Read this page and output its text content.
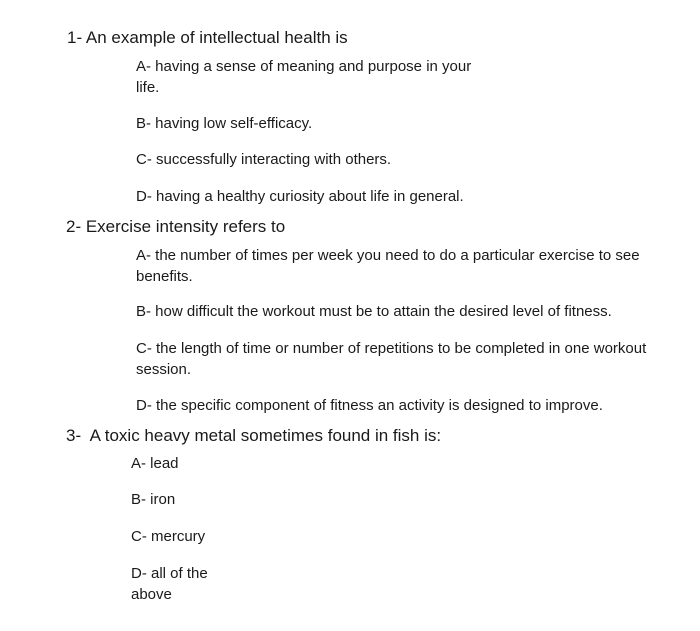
1- An example of intellectual health is
A- having a sense of meaning and purpose in your life.
B- having low self-efficacy.
C- successfully interacting with others.
D- having a healthy curiosity about life in general.
2- Exercise intensity refers to
A- the number of times per week you need to do a particular exercise to see benefits.
B- how difficult the workout must be to attain the desired level of fitness.
C- the length of time or number of repetitions to be completed in one workout session.
D- the specific component of fitness an activity is designed to improve.
3-  A toxic heavy metal sometimes found in fish is:
A- lead
B- iron
C- mercury
D- all of the above
